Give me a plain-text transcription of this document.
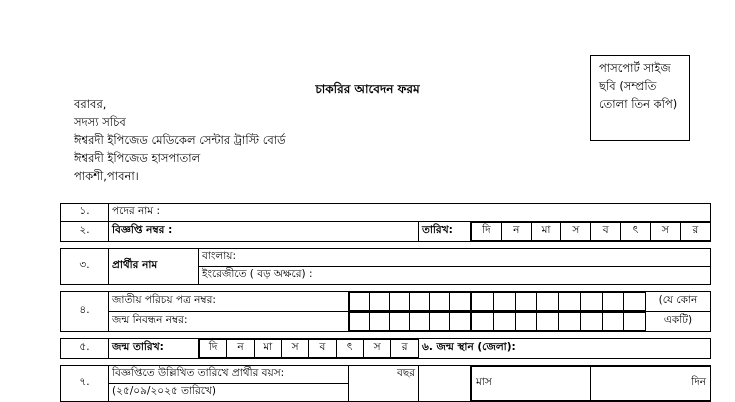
পাসপোর্ট সাইজ
ছবি (সম্প্রতি
তোলা তিন কপি)
চাকরির আবেদন ফরম
বরাবর,
সদস্য সচিব
ঈশ্বরদী ইপিজেড মেডিকেল সেন্টার ট্রাস্টি বোর্ড
ঈশ্বরদী ইপিজেড হাসপাতাল
পাকশী,পাবনা।
১.	পদের নাম :
২.	বিজ্ঞপ্তি নম্বর :	তারিখ:		দি	ন	মা	স	ব	ৎ	স	র

৩.	প্রার্থীর নাম	বাংলায়:
ইংরেজীতে ( বড় অক্ষরে) :

৪.	জাতীয় পরিচয় পত্র নম্বর:	

									(যে কোন

জন্ম নিবন্ধন নম্বর:	

									একটি)

৫.	জন্ম তারিখ:		দি	ন	মা	স	ব	ৎ	স	র
	৬. জন্ম স্থান (জেলা):

৭.	বিজ্ঞপ্তিতে উল্লিখিত তারিখে প্রার্থীর বয়স:	বছর		
মাস	দিন

(২৫/০৯/২০২৫ তারিখে)
